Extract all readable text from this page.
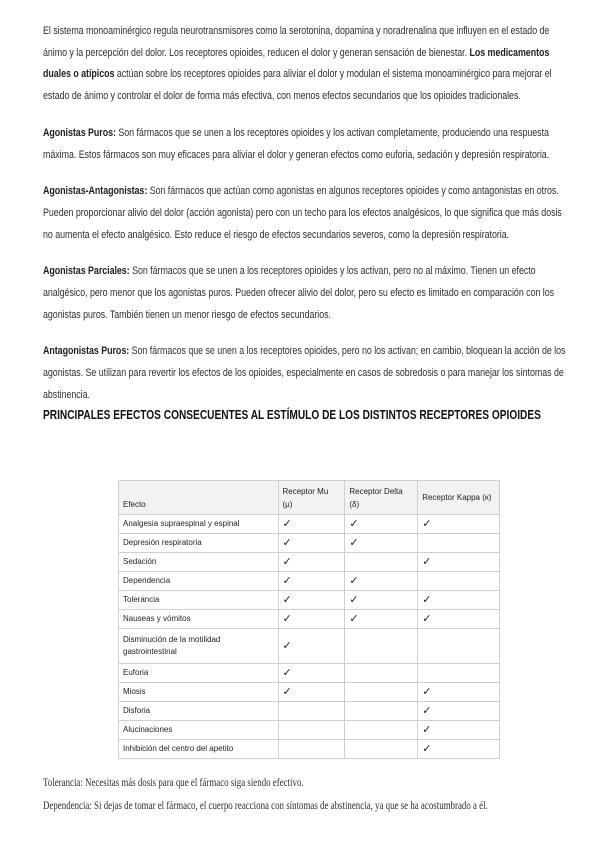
El sistema monoaminérgico regula neurotransmisores como la serotonina, dopamina y noradrenalina que influyen en el estado de ánimo y la percepción del dolor. Los receptores opioides, reducen el dolor y generan sensación de bienestar. Los medicamentos duales o atípicos actúan sobre los receptores opioides para aliviar el dolor y modulan el sistema monoaminérgico para mejorar el estado de ánimo y controlar el dolor de forma más efectiva, con menos efectos secundarios que los opioides tradicionales.

Agonistas Puros: Son fármacos que se unen a los receptores opioides y los activan completamente, produciendo una respuesta máxima. Estos fármacos son muy eficaces para aliviar el dolor y generan efectos como euforia, sedación y depresión respiratoria.

Agonistas-Antagonistas: Son fármacos que actúan como agonistas en algunos receptores opioides y como antagonistas en otros. Pueden proporcionar alivio del dolor (acción agonista) pero con un techo para los efectos analgésicos, lo que significa que más dosis no aumenta el efecto analgésico. Esto reduce el riesgo de efectos secundarios severos, como la depresión respiratoria.

Agonistas Parciales: Son fármacos que se unen a los receptores opioides y los activan, pero no al máximo. Tienen un efecto analgésico, pero menor que los agonistas puros. Pueden ofrecer alivio del dolor, pero su efecto es limitado en comparación con los agonistas puros. También tienen un menor riesgo de efectos secundarios.

Antagonistas Puros: Son fármacos que se unen a los receptores opioides, pero no los activan; en cambio, bloquean la acción de los agonistas. Se utilizan para revertir los efectos de los opioides, especialmente en casos de sobredosis o para manejar los síntomas de abstinencia.

PRINCIPALES EFECTOS CONSECUENTES AL ESTÍMULO DE LOS DISTINTOS RECEPTORES OPIOIDES
Efecto	Receptor Mu (μ)	Receptor Delta (δ)	Receptor Kappa (κ)
Analgesia supraespinal y espinal	✓	✓	✓
Depresión respiratoria	✓	✓	
Sedación	✓		✓
Dependencia	✓	✓	
Tolerancia	✓	✓	✓
Nauseas y vómitos	✓	✓	✓
Disminución de la motilidad gastrointestinal	✓		
Euforia	✓		
Miosis	✓		✓
Disforia			✓
Alucinaciones			✓
Inhibición del centro del apetito			✓

Tolerancia: Necesitas más dosis para que el fármaco siga siendo efectivo.

Dependencia: Si dejas de tomar el fármaco, el cuerpo reacciona con síntomas de abstinencia, ya que se ha acostumbrado a él.
